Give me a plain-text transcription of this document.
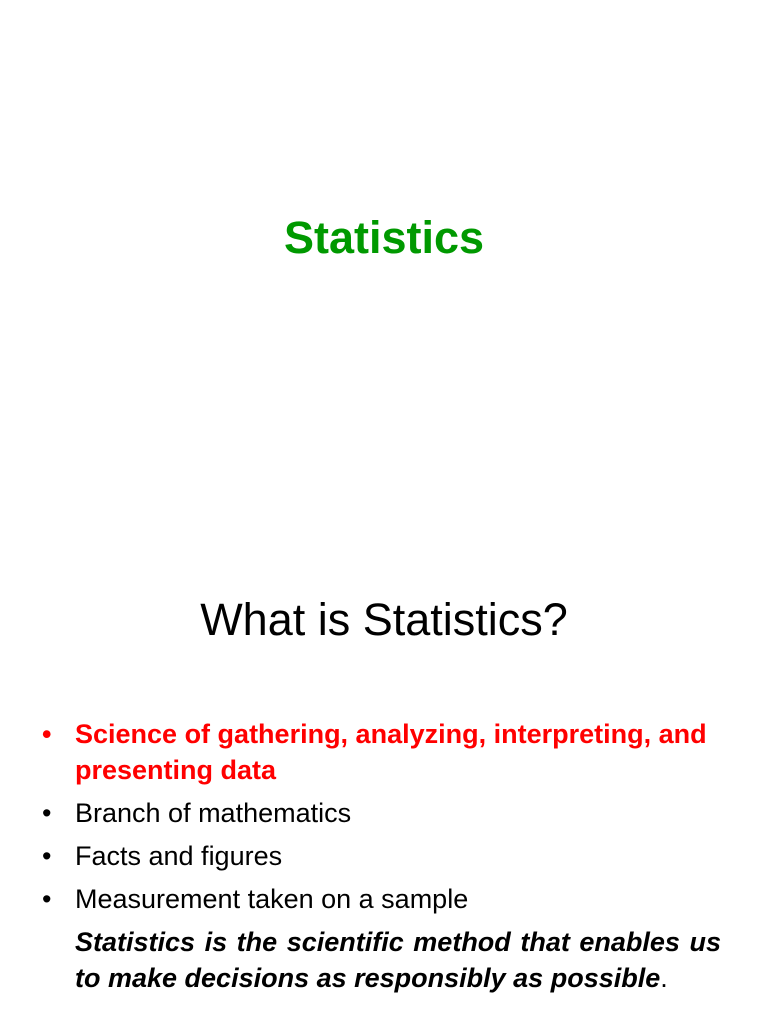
Statistics
What is Statistics?
• Science of gathering, analyzing, interpreting, and presenting data
• Branch of mathematics
• Facts and figures
• Measurement taken on a sample

Statistics is the scientific method that enables us to make decisions as responsibly as possible.
